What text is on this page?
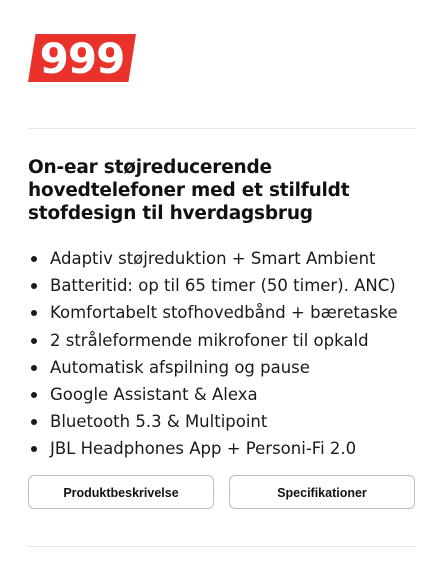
999
On-ear støjreducerende hovedtelefoner med et stilfuldt stofdesign til hverdagsbrug
Adaptiv støjreduktion + Smart Ambient
Batteritid: op til 65 timer (50 timer). ANC)
Komfortabelt stofhovedbånd + bæretaske
2 stråleformende mikrofoner til opkald
Automatisk afspilning og pause
Google Assistant & Alexa
Bluetooth 5.3 & Multipoint
JBL Headphones App + Personi-Fi 2.0
Produktbeskrivelse	Specifikationer
